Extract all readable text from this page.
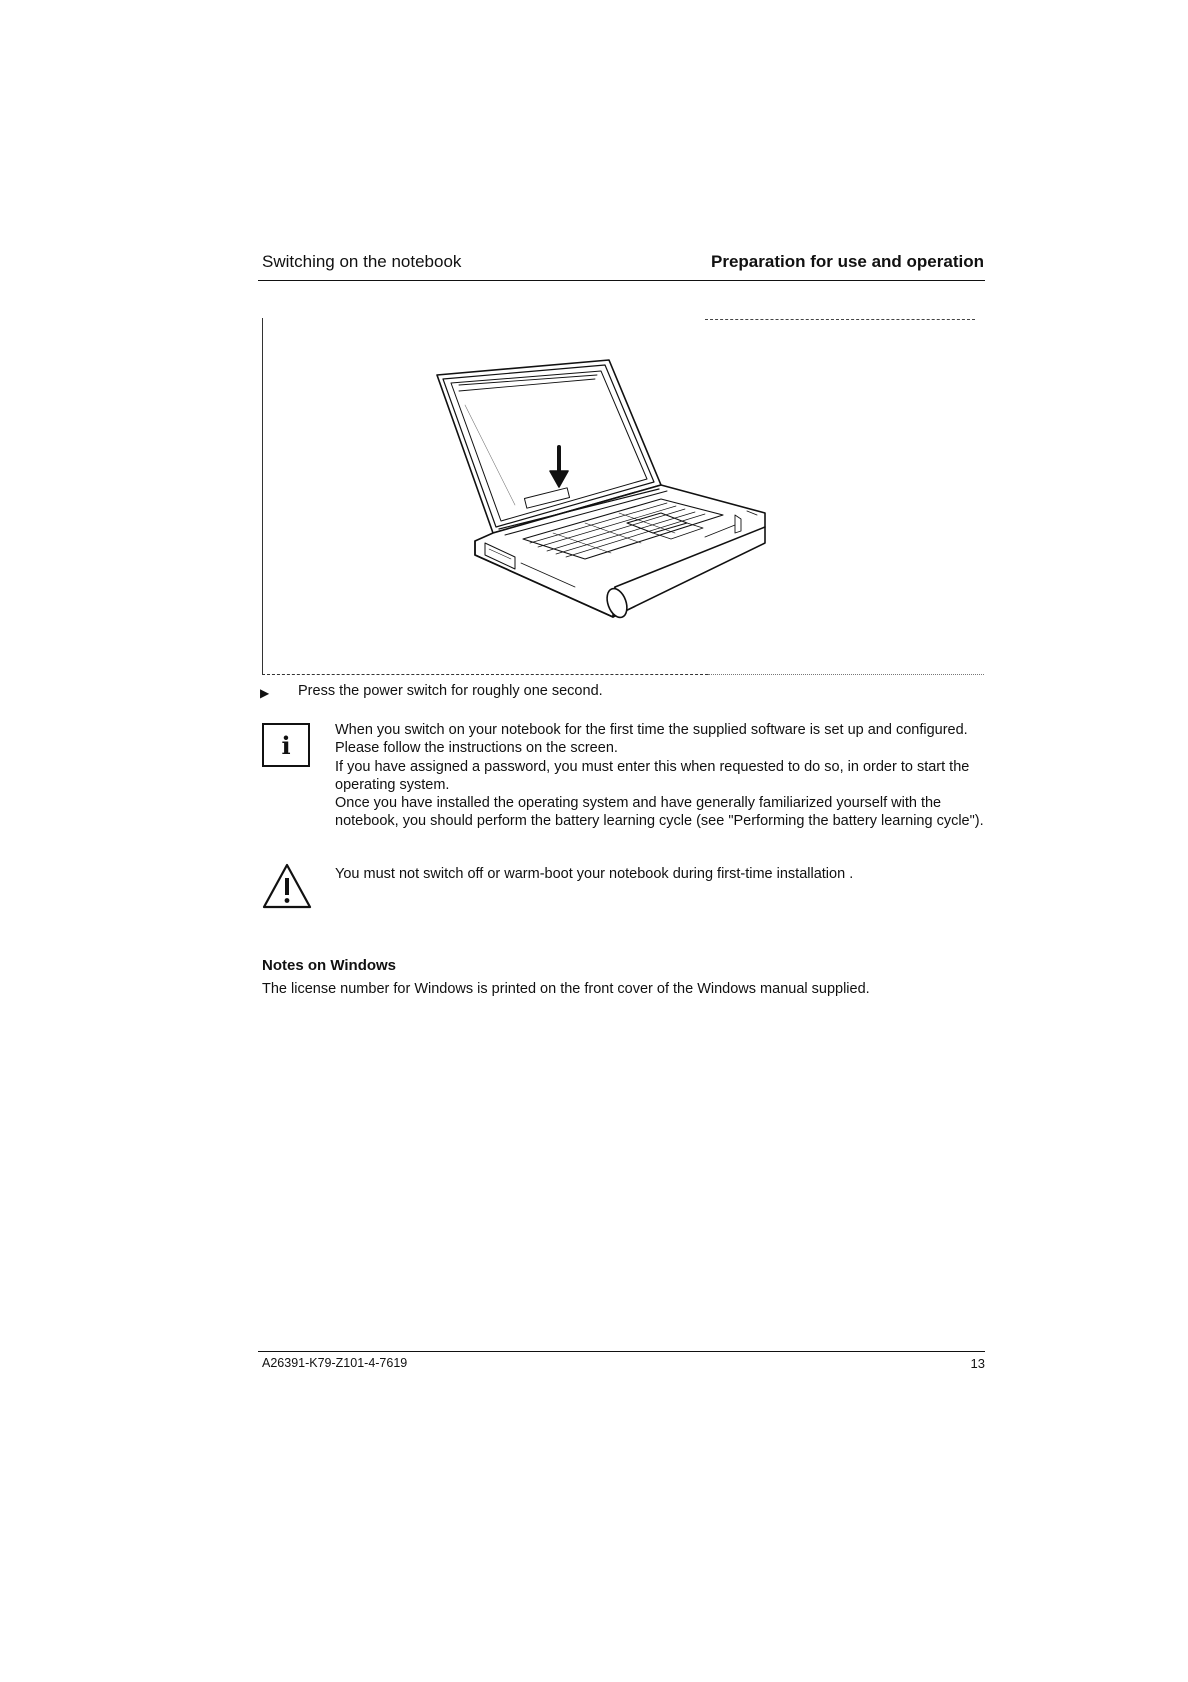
Switching on the notebook	Preparation for use and operation
▶ Press the power switch for roughly one second.
i

When you switch on your notebook for the first time the supplied software is set up and configured. Please follow the instructions on the screen.

If you have assigned a password, you must enter this when requested to do so, in order to start the operating system.

Once you have installed the operating system and have generally familiarized yourself with the notebook, you should perform the battery learning cycle (see "Performing the battery learning cycle").

You must not switch off or warm-boot your notebook during first-time installation .
Notes on Windows
The license number for Windows is printed on the front cover of the Windows manual supplied.
A26391-K79-Z101-4-7619	13
